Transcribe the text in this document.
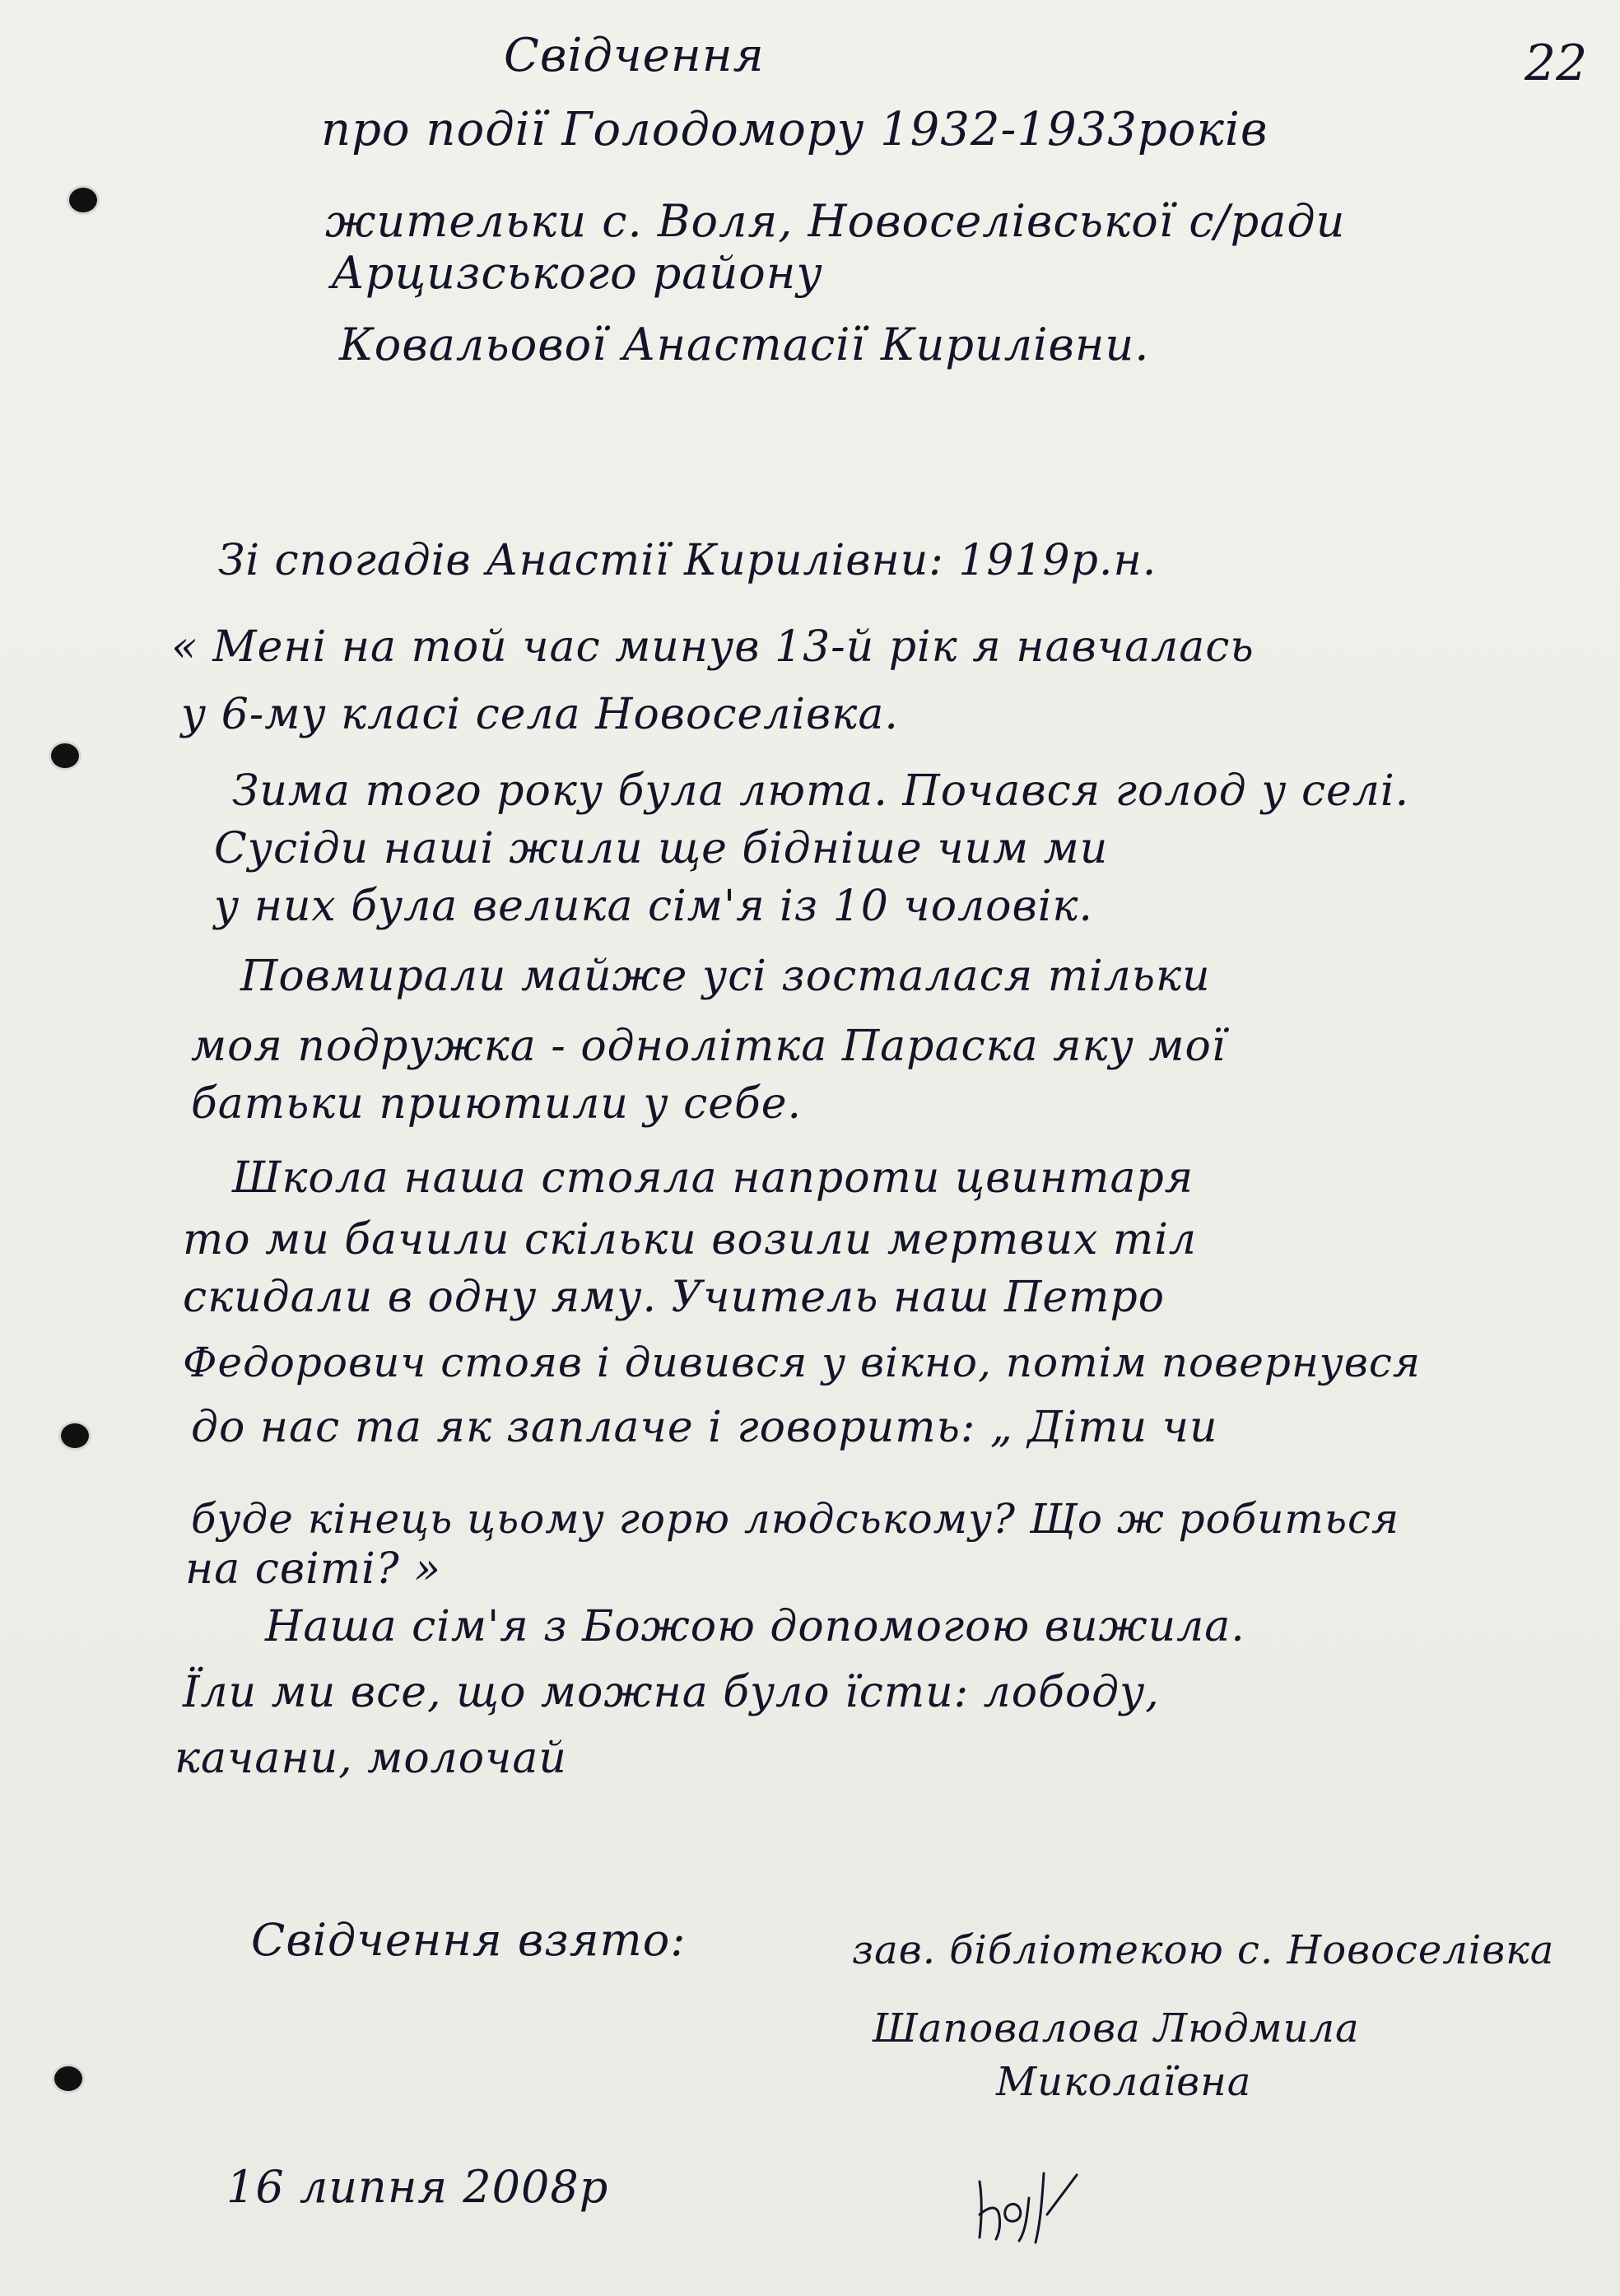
22
Свідчення
про події Голодомору 1932-1933років
жительки с. Воля, Новоселівської с/ради
Арцизського району
Ковальової Анастасії Кирилівни.
Зі спогадів Анастії Кирилівни: 1919р.н.
« Мені на той час минув 13-й рік я навчалась
у 6-му класі села Новоселівка.
Зима того року була люта. Почався голод у селі.
Сусіди наші жили ще бідніше чим ми
у них була велика сім'я із 10 чоловік.
Повмирали майже усі зосталася тільки
моя подружка - однолітка Параска яку мої
батьки приютили у себе.
Школа наша стояла напроти цвинтаря
то ми бачили скільки возили мертвих тіл
скидали в одну яму. Учитель наш Петро
Федорович стояв і дивився у вікно, потім повернувся
до нас та як заплаче і говорить: „ Діти чи
буде кінець цьому горю людському? Що ж робиться
на світі? »
Наша сім'я з Божою допомогою вижила.
Їли ми все, що можна було їсти: лободу,
качани, молочай
Свідчення взято:	зав. бібліотекою с. Новоселівка
Шаповалова Людмила
Миколаївна
16 липня 2008р
